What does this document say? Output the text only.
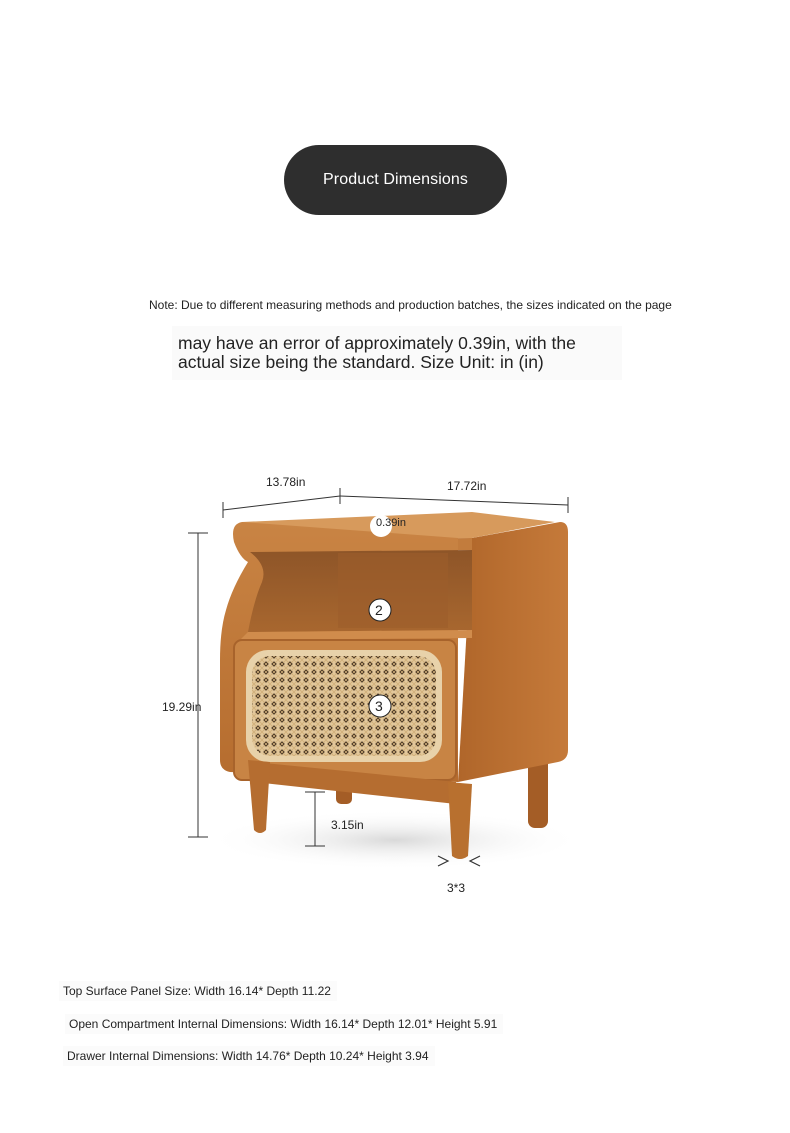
Product Dimensions
Note: Due to different measuring methods and production batches, the sizes indicated on the page
may have an error of approximately 0.39in, with the
actual size being the standard. Size Unit: in (in)
13.78in	17.72in
0.39in
19.29in
3.15in
3*3
2
3
Top Surface Panel Size: Width 16.14* Depth 11.22
Open Compartment Internal Dimensions: Width 16.14* Depth 12.01* Height 5.91
Drawer Internal Dimensions: Width 14.76* Depth 10.24* Height 3.94
